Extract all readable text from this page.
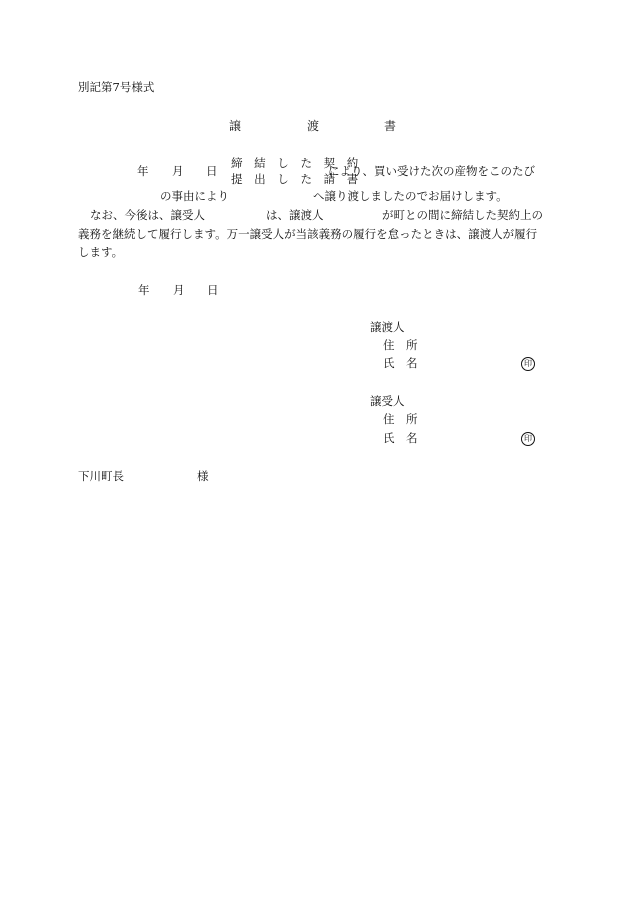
別記第7号様式
譲	渡	書
年 月 日
締 結 し た 契 約
提 出 し た 請 書
により、買い受けた次の産物をこのたび
の事由により	へ譲り渡しましたのでお届けします。
なお、今後は、譲受人	は、譲渡人	が町との間に締結した契約上の
義務を継続して履行します。万一譲受人が当該義務の履行を怠ったときは、譲渡人が履行
します。
年 月 日
譲渡人
住　所
氏　名	印
譲受人
住　所
氏　名	印
下川町長	様
